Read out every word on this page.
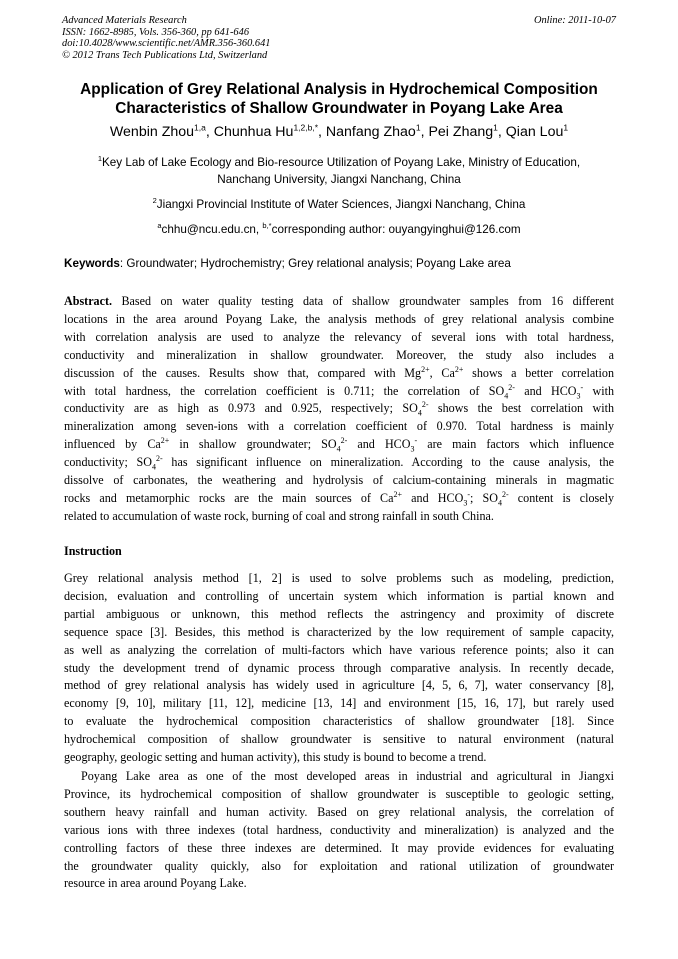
Advanced Materials Research
ISSN: 1662-8985, Vols. 356-360, pp 641-646
doi:10.4028/www.scientific.net/AMR.356-360.641
© 2012 Trans Tech Publications Ltd, Switzerland
Online: 2011-10-07
Application of Grey Relational Analysis in Hydrochemical Composition
Characteristics of Shallow Groundwater in Poyang Lake Area
Wenbin Zhou$^{1,a}$, Chunhua $Hu^{1,2,b,*}$, Nanfang Zhao$^1$, Pei Zhang$^1$, Qian Lou$^1$
$^1$Key Lab of Lake Ecology and Bio-resource Utilization of Poyang Lake, Ministry of Education,
Nanchang University, Jiangxi Nanchang, China
$^2$Jiangxi Provincial Institute of Water Sciences, Jiangxi Nanchang, China
$^a$chhu@ncu.edu.cn, $^{b,*}$corresponding author: ouyangyinghui@126.com
Keywords: Groundwater; Hydrochemistry; Grey relational analysis; Poyang Lake area
Abstract. Based on water quality testing data of shallow groundwater samples from 16 different
locations in the area around Poyang Lake, the analysis methods of grey relational analysis combine
with correlation analysis are used to analyze the relevancy of several ions with total hardness,
conductivity and mineralization in shallow groundwater. Moreover, the study also includes a
discussion of the causes. Results show that, compared with $Mg^{2+}$, $Ca^{2+}$ shows a better correlation
with total hardness, the correlation coefficient is 0.711; the correlation of $SO_4^{2-}$ and $HCO_3^-$ with
conductivity are as high as 0.973 and 0.925, respectively; $SO_4^{2-}$ shows the best correlation with
mineralization among seven-ions with a correlation coefficient of 0.970. Total hardness is mainly
influenced by $Ca^{2+}$ in shallow groundwater; $SO_4^{2-}$ and $HCO_3^-$ are main factors which influence
conductivity; $SO_4^{2-}$ has significant influence on mineralization. According to the cause analysis, the
dissolve of carbonates, the weathering and hydrolysis of calcium-containing minerals in magmatic
rocks and metamorphic rocks are the main sources of $Ca^{2+}$ and $HCO_3^-$; $SO_4^{2-}$ content is closely
related to accumulation of waste rock, burning of coal and strong rainfall in south China.
Instruction
Grey relational analysis method [1, 2] is used to solve problems such as modeling, prediction,
decision, evaluation and controlling of uncertain system which information is partial known and
partial ambiguous or unknown, this method reflects the astringency and proximity of discrete
sequence space [3]. Besides, this method is characterized by the low requirement of sample capacity,
as well as analyzing the correlation of multi-factors which have various reference points; also it can
study the development trend of dynamic process through comparative analysis. In recently decade,
method of grey relational analysis has widely used in agriculture [4, 5, 6, 7], water conservancy [8],
economy [9, 10], military [11, 12], medicine [13, 14] and environment [15, 16, 17], but rarely used
to evaluate the hydrochemical composition characteristics of shallow groundwater [18]. Since
hydrochemical composition of shallow groundwater is sensitive to natural environment (natural
geography, geologic setting and human activity), this study is bound to become a trend.
Poyang Lake area as one of the most developed areas in industrial and agricultural in Jiangxi
Province, its hydrochemical composition of shallow groundwater is susceptible to geologic setting,
southern heavy rainfall and human activity. Based on grey relational analysis, the correlation of
various ions with three indexes (total hardness, conductivity and mineralization) is analyzed and the
controlling factors of these three indexes are determined. It may provide evidences for evaluating
the groundwater quality quickly, also for exploitation and rational utilization of groundwater
resource in area around Poyang Lake.
